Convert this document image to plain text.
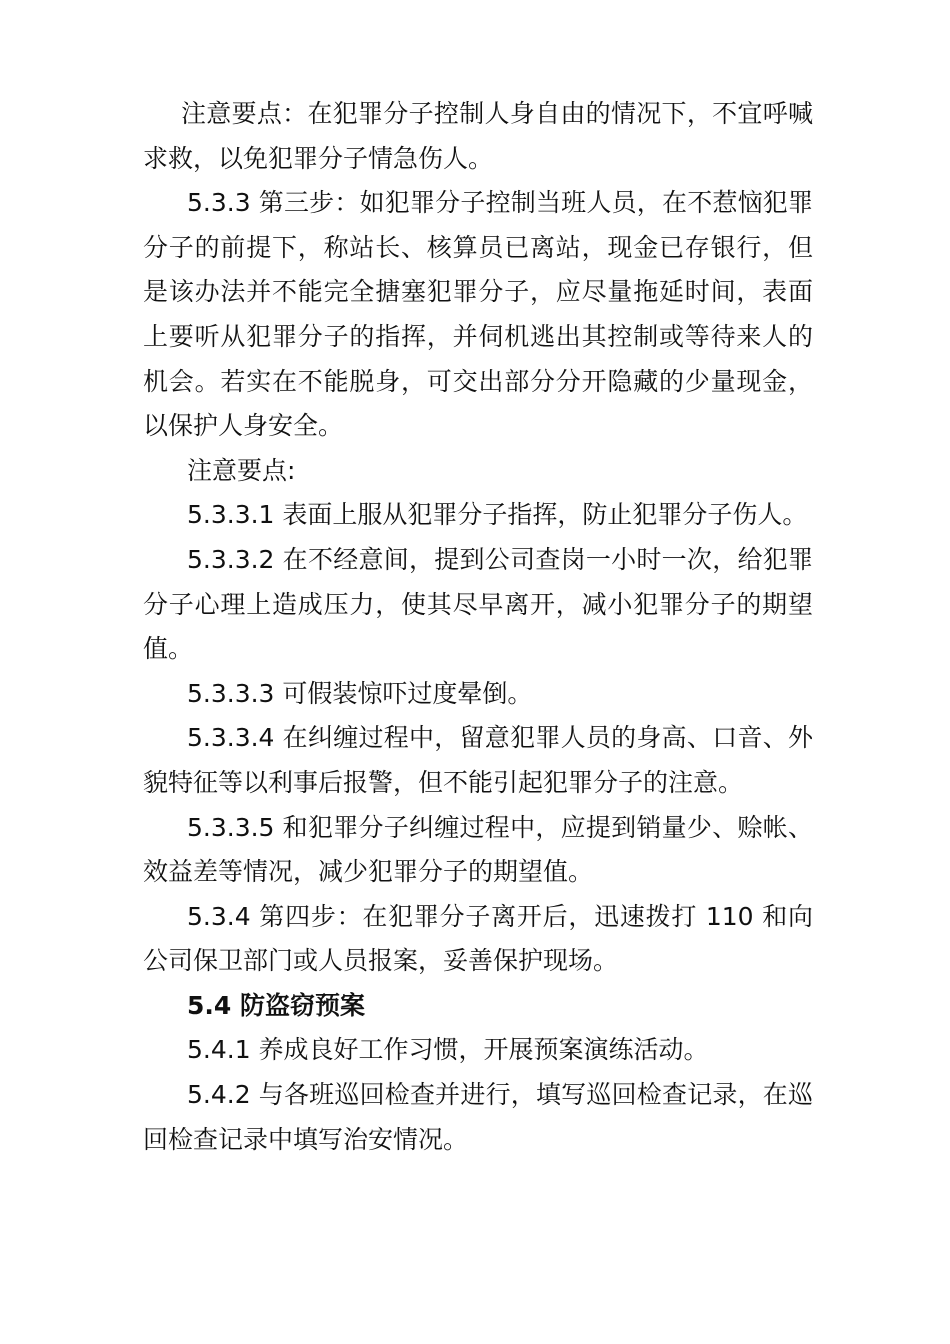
注意要点：在犯罪分子控制人身自由的情况下，不宜呼喊求救，以免犯罪分子情急伤人。

5.3.3 第三步：如犯罪分子控制当班人员，在不惹恼犯罪分子的前提下，称站长、核算员已离站，现金已存银行，但是该办法并不能完全搪塞犯罪分子，应尽量拖延时间，表面上要听从犯罪分子的指挥，并伺机逃出其控制或等待来人的机会。若实在不能脱身，可交出部分分开隐藏的少量现金，以保护人身安全。

注意要点:

5.3.3.1 表面上服从犯罪分子指挥，防止犯罪分子伤人。

5.3.3.2 在不经意间，提到公司查岗一小时一次，给犯罪分子心理上造成压力，使其尽早离开，减小犯罪分子的期望值。

5.3.3.3 可假装惊吓过度晕倒。

5.3.3.4 在纠缠过程中，留意犯罪人员的身高、口音、外貌特征等以利事后报警，但不能引起犯罪分子的注意。

5.3.3.5 和犯罪分子纠缠过程中，应提到销量少、赊帐、效益差等情况，减少犯罪分子的期望值。

5.3.4 第四步：在犯罪分子离开后，迅速拨打 110 和向公司保卫部门或人员报案，妥善保护现场。

5.4 防盗窃预案

5.4.1 养成良好工作习惯，开展预案演练活动。

5.4.2 与各班巡回检查并进行，填写巡回检查记录，在巡回检查记录中填写治安情况。
